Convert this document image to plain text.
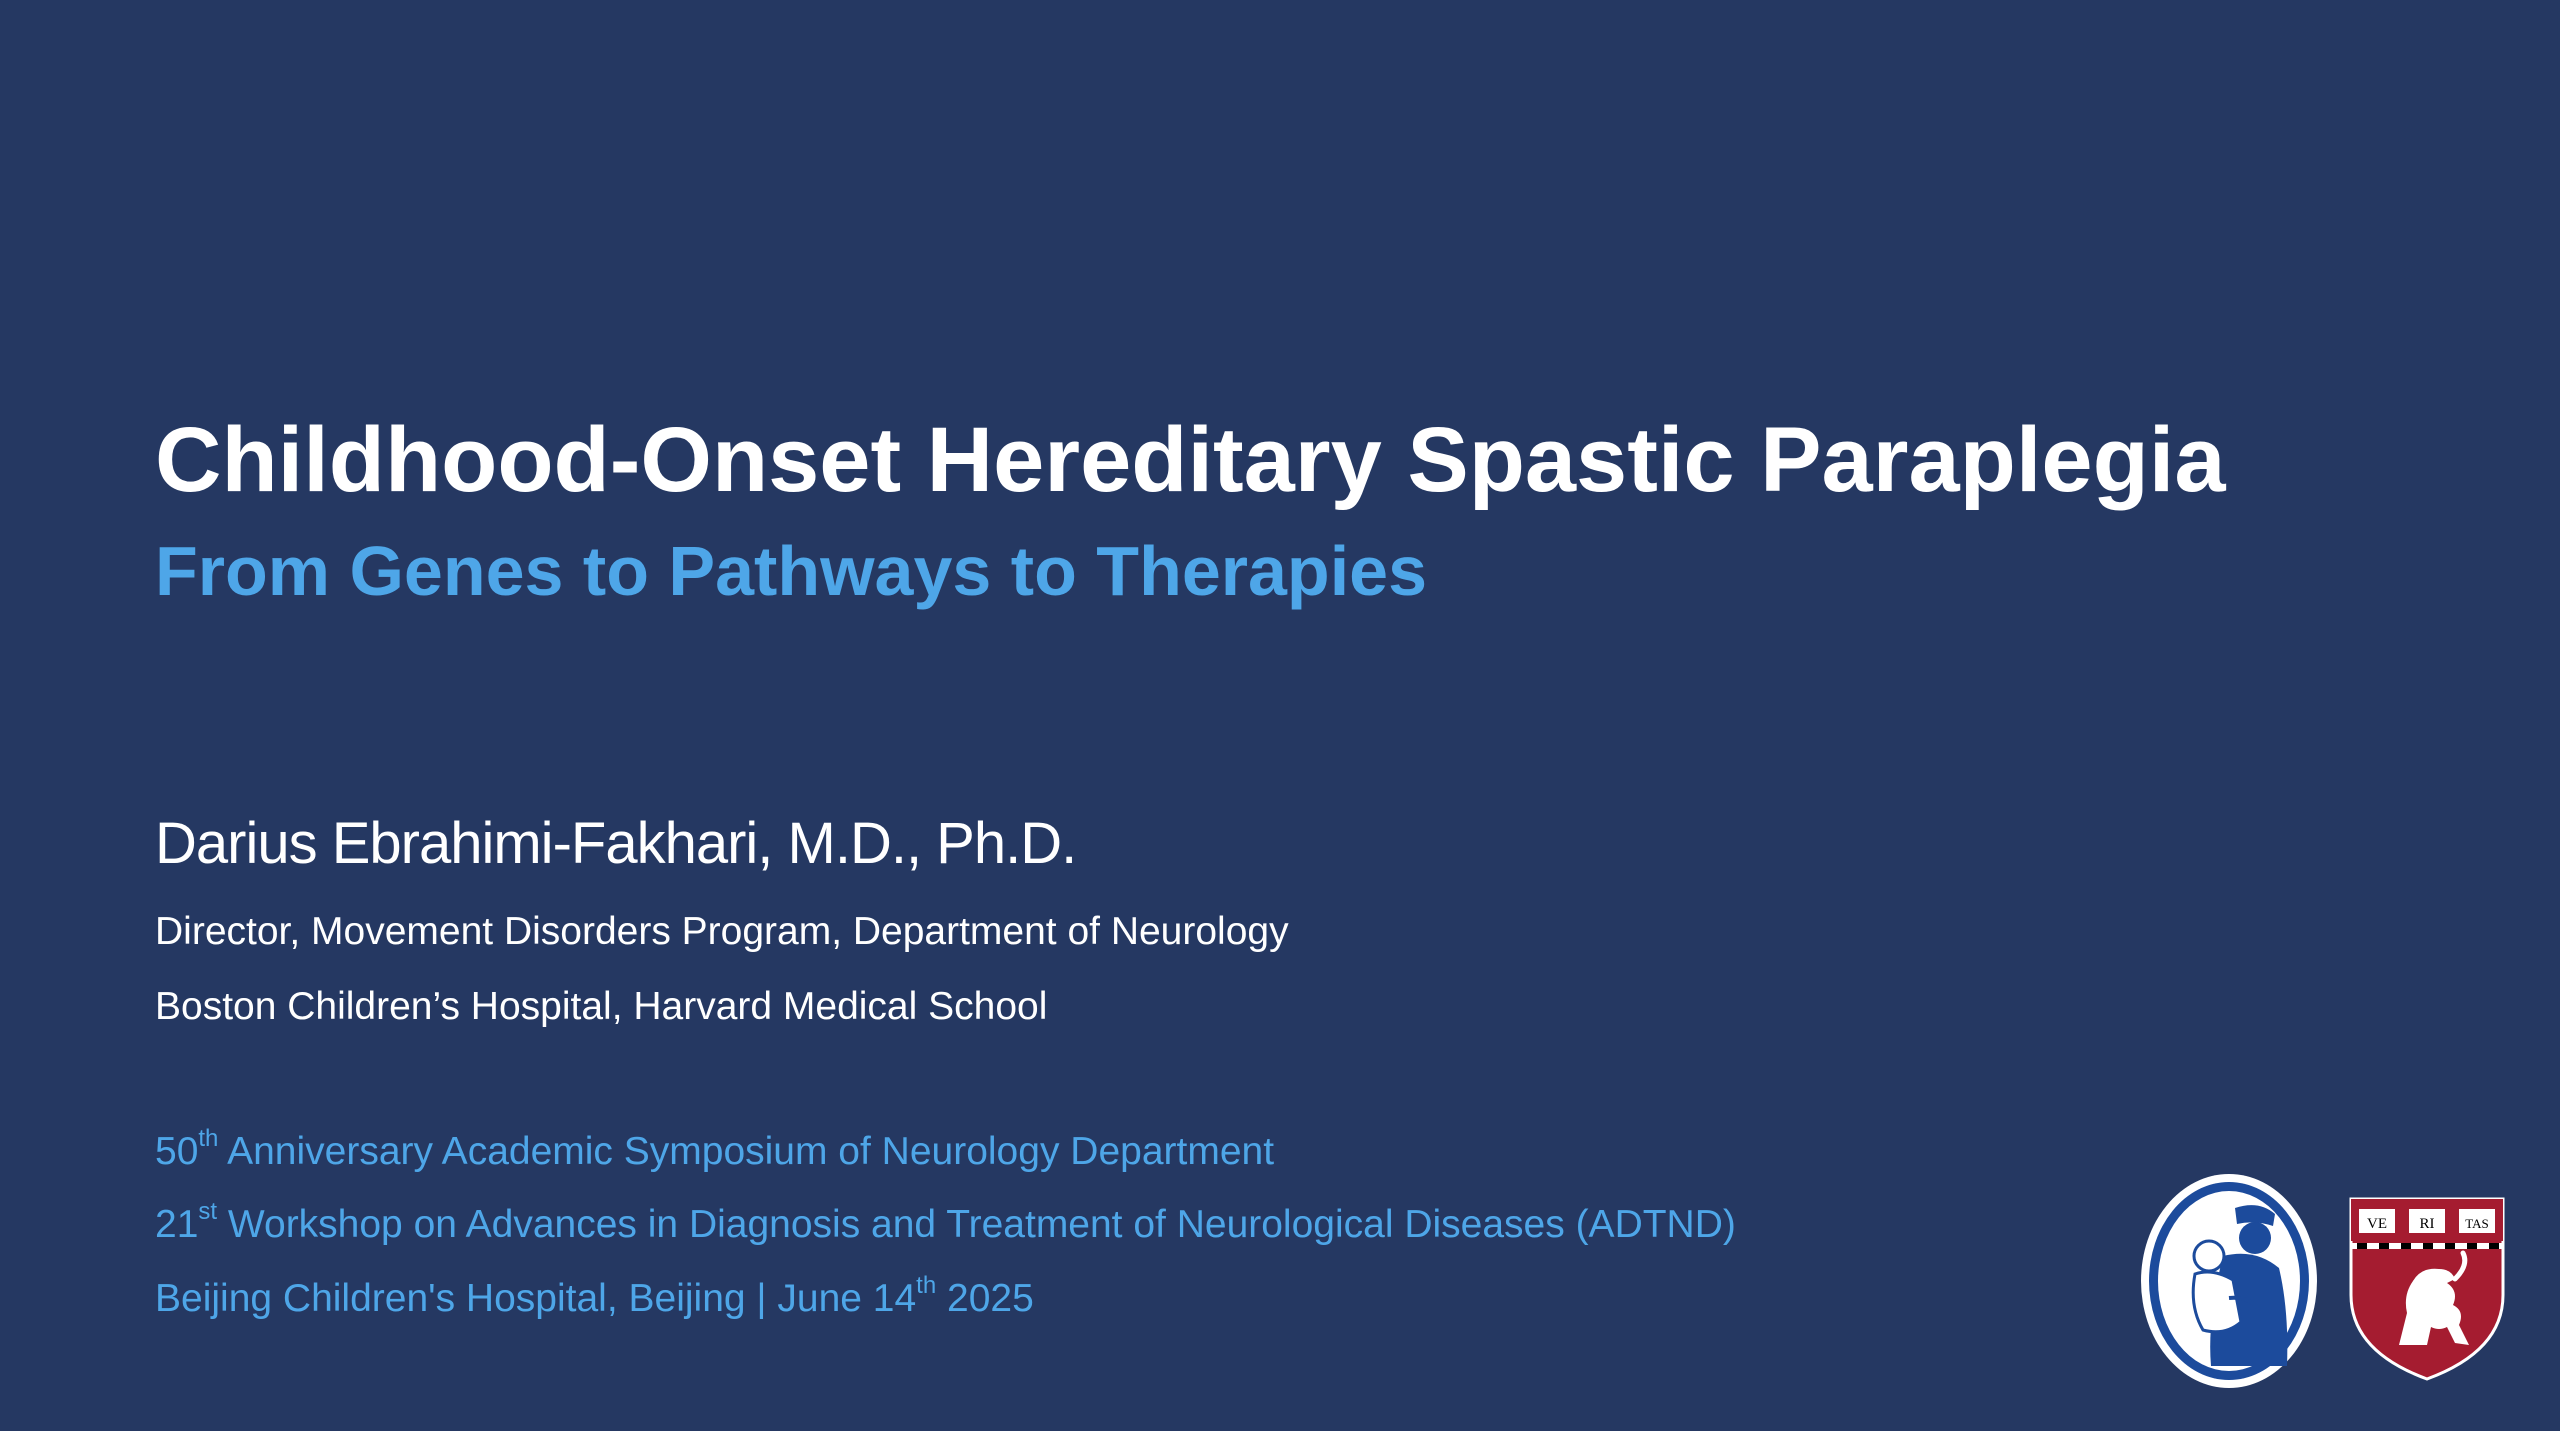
Childhood-Onset Hereditary Spastic Paraplegia
From Genes to Pathways to Therapies
Darius Ebrahimi-Fakhari, M.D., Ph.D.
Director, Movement Disorders Program, Department of Neurology
Boston Children’s Hospital, Harvard Medical School
50th Anniversary Academic Symposium of Neurology Department
21st Workshop on Advances in Diagnosis and Treatment of Neurological Diseases (ADTND)
Beijing Children's Hospital, Beijing | June 14th 2025
VE RI TAS
